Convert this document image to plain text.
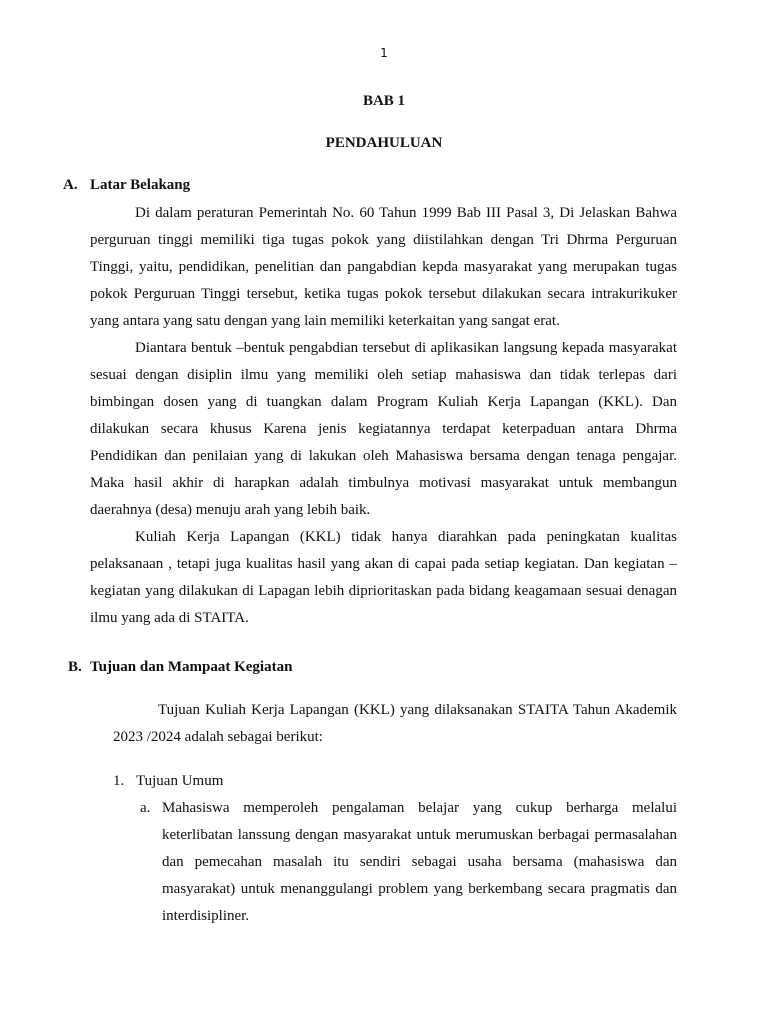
1
BAB 1
PENDAHULUAN
A. Latar Belakang

Di dalam peraturan Pemerintah No. 60 Tahun 1999 Bab III Pasal 3, Di Jelaskan Bahwa perguruan tinggi memiliki tiga tugas pokok yang diistilahkan dengan Tri Dhrma Perguruan Tinggi, yaitu, pendidikan, penelitian dan pangabdian kepda masyarakat yang merupakan tugas pokok Perguruan Tinggi tersebut, ketika tugas pokok tersebut dilakukan secara intrakurikuker yang antara yang satu dengan yang lain memiliki keterkaitan yang sangat erat.

Diantara bentuk –bentuk pengabdian tersebut di aplikasikan langsung kepada masyarakat sesuai dengan disiplin ilmu yang memiliki oleh setiap mahasiswa dan tidak terlepas dari bimbingan dosen yang di tuangkan dalam Program Kuliah Kerja Lapangan (KKL). Dan dilakukan secara khusus Karena jenis kegiatannya terdapat keterpaduan antara Dhrma Pendidikan dan penilaian yang di lakukan oleh Mahasiswa bersama dengan tenaga pengajar. Maka hasil akhir di harapkan adalah timbulnya motivasi masyarakat untuk membangun daerahnya (desa) menuju arah yang lebih baik.

Kuliah Kerja Lapangan (KKL) tidak hanya diarahkan pada peningkatan kualitas pelaksanaan , tetapi juga kualitas hasil yang akan di capai pada setiap kegiatan. Dan kegiatan – kegiatan yang dilakukan di Lapagan lebih diprioritaskan pada bidang keagamaan sesuai denagan ilmu yang ada di STAITA.

B. Tujuan dan Mampaat Kegiatan

Tujuan Kuliah Kerja Lapangan (KKL) yang dilaksanakan STAITA Tahun Akademik 2023 /2024 adalah sebagai berikut:

1. Tujuan Umum
a. Mahasiswa memperoleh pengalaman belajar yang cukup berharga melalui keterlibatan lanssung dengan masyarakat untuk merumuskan berbagai permasalahan dan pemecahan masalah itu sendiri sebagai usaha bersama (mahasiswa dan masyarakat) untuk menanggulangi problem yang berkembang secara pragmatis dan interdisipliner.
